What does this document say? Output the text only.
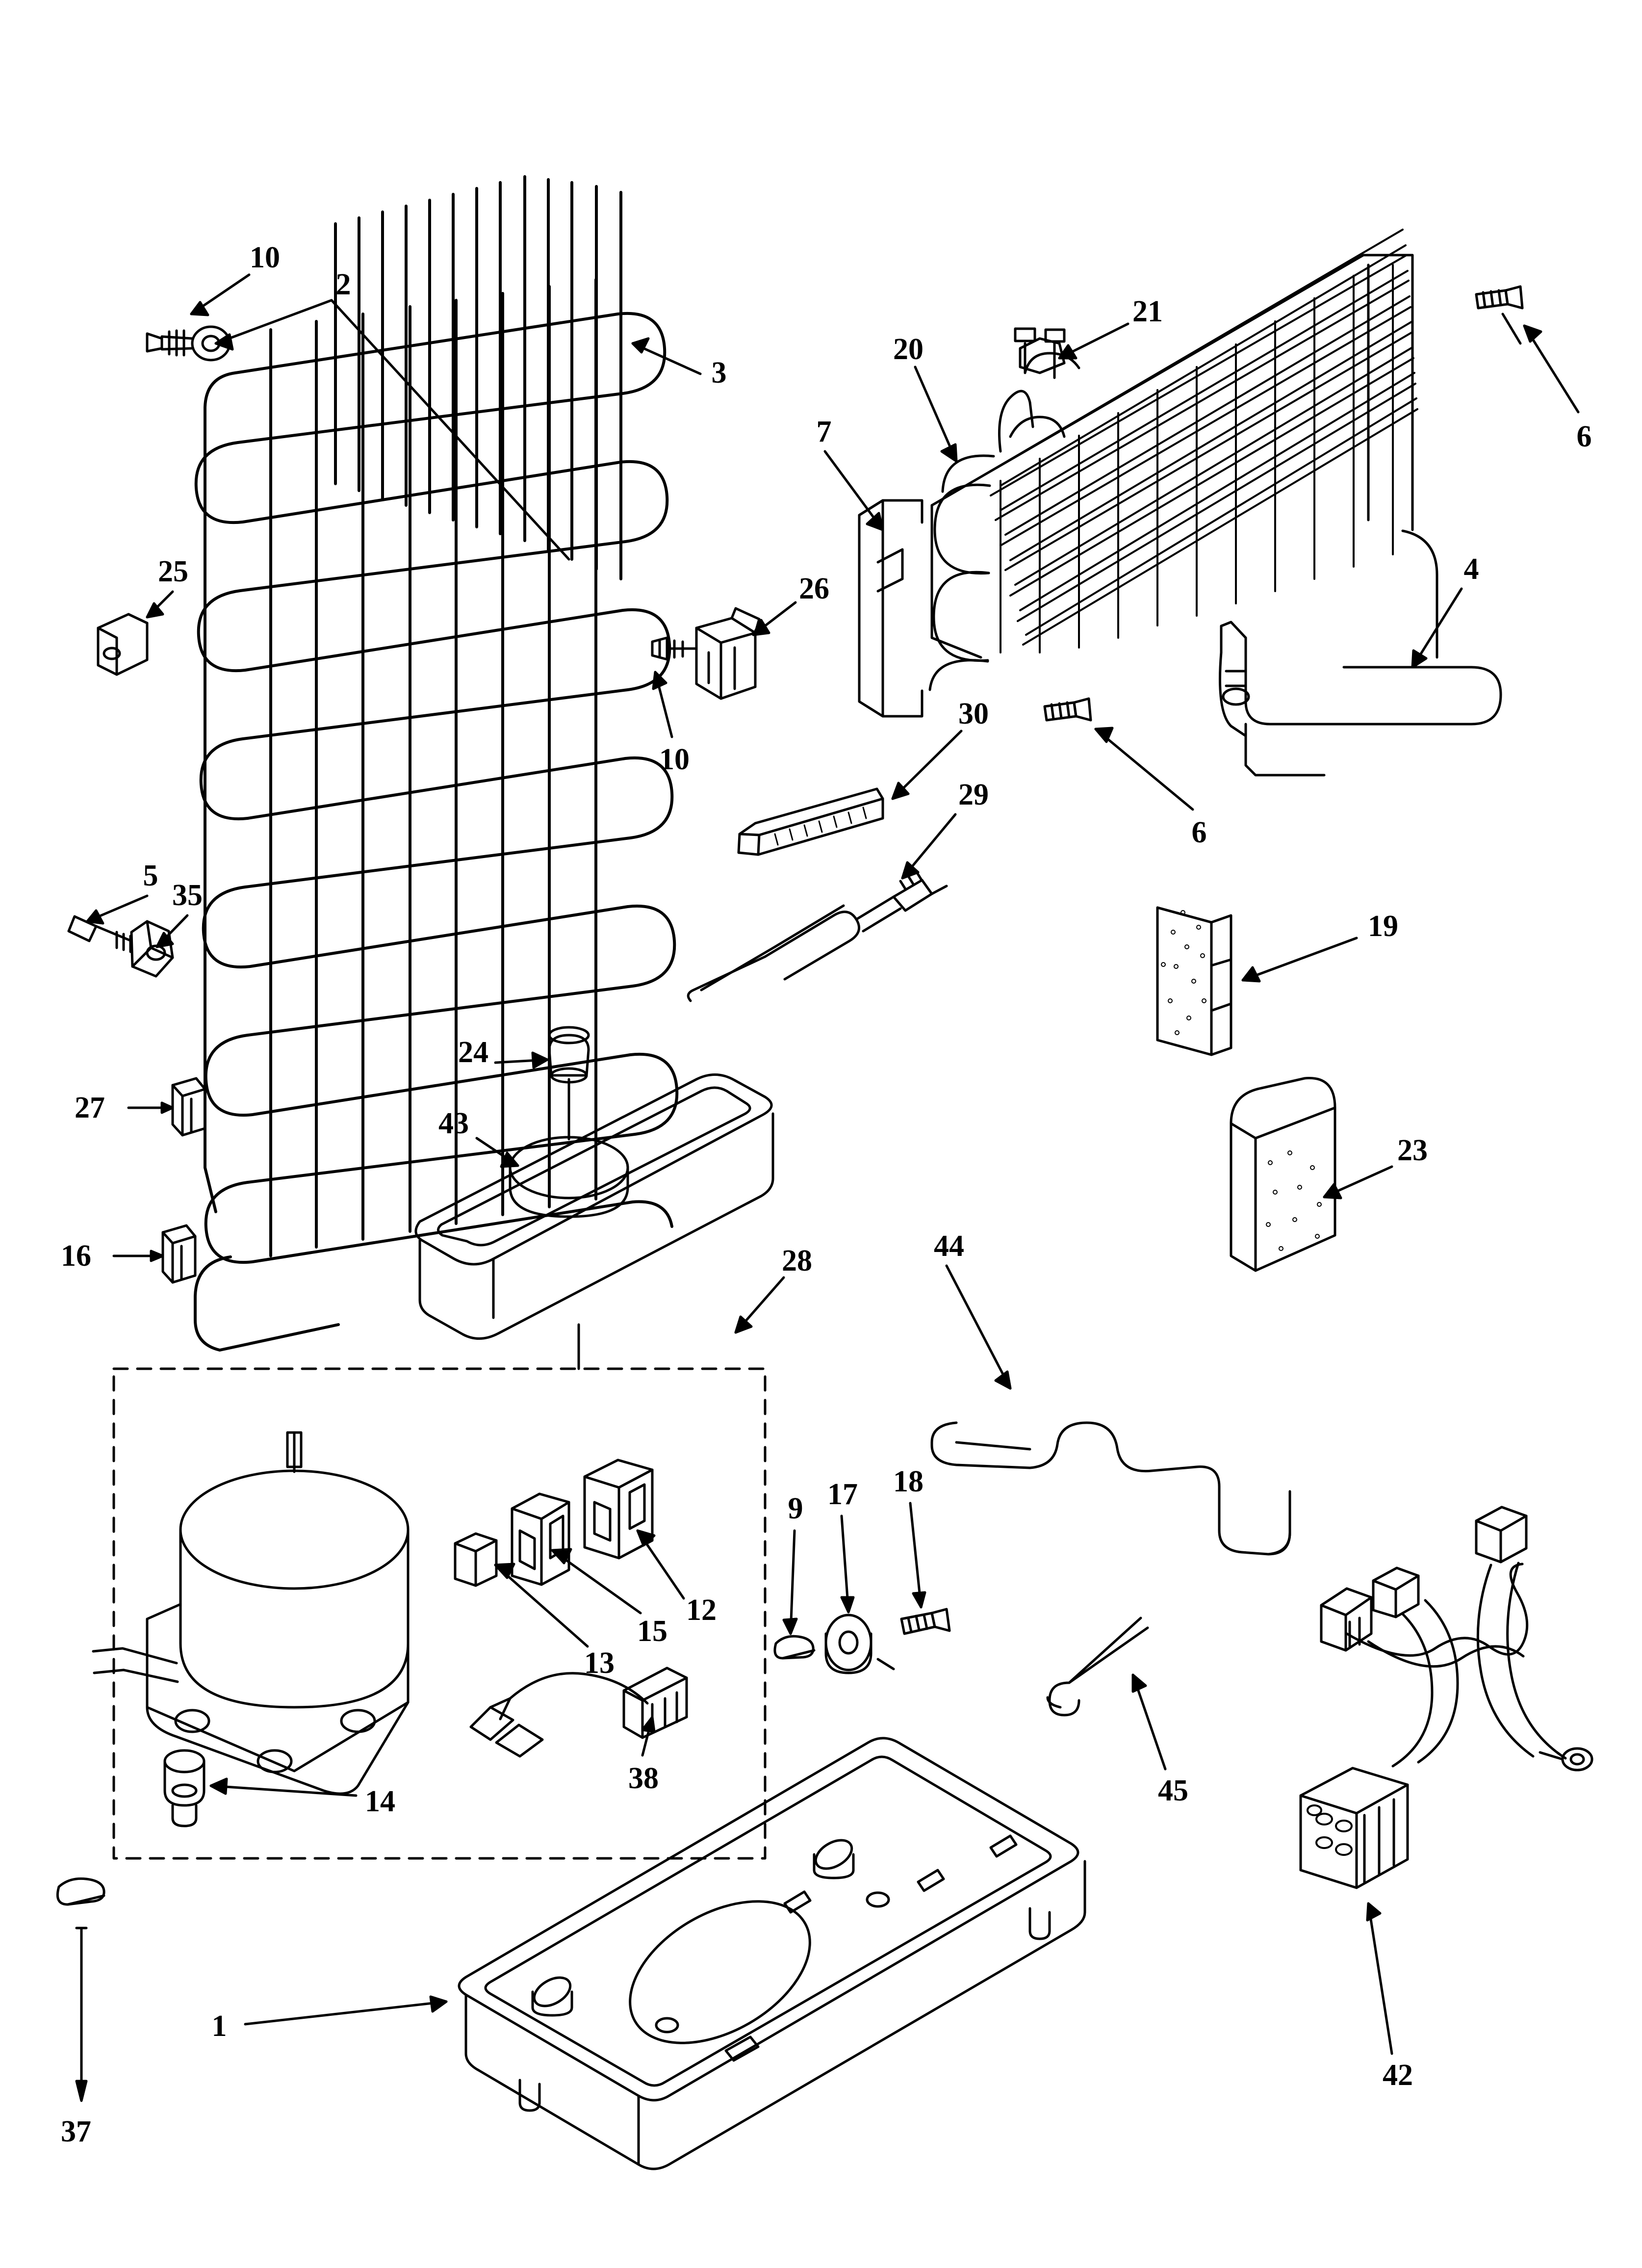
10
2
3
20
21
6
7
25
26
4
10
30
6
29
19
5
35
24
43
23
27
16	28	44
9 17 18
12
15
13
38	45
14
42
1
37
